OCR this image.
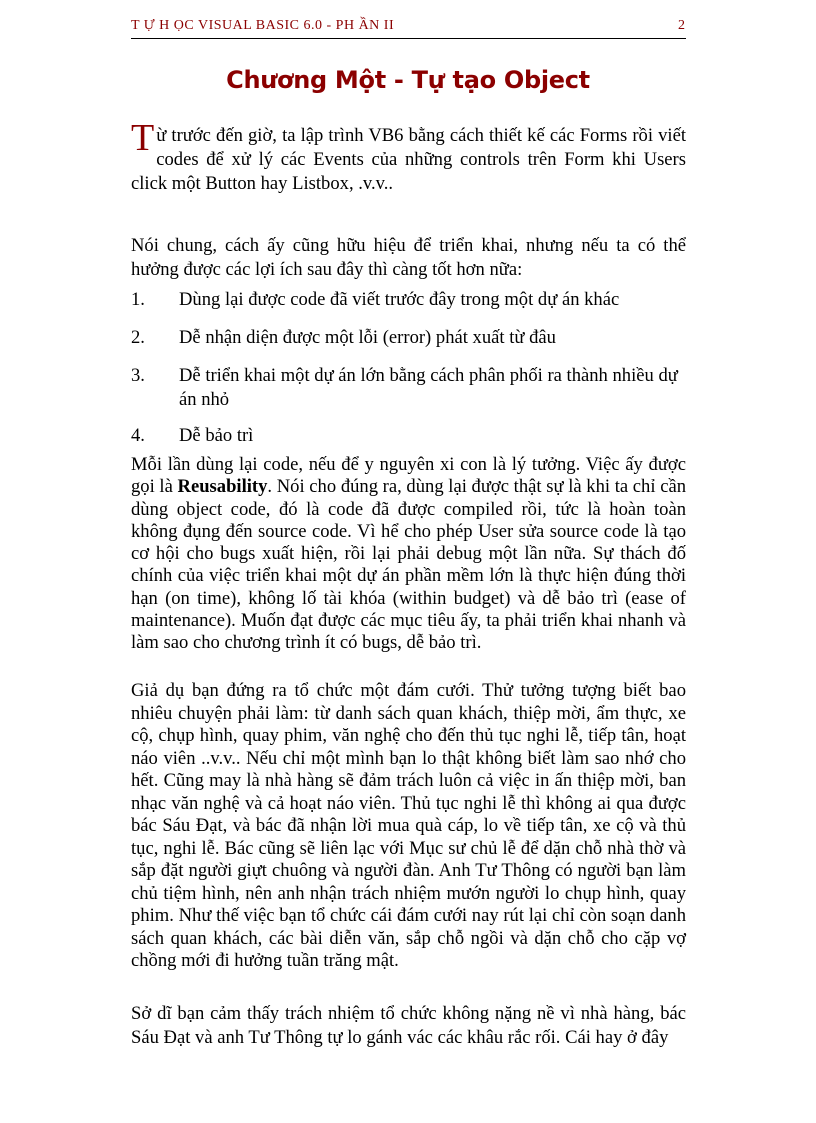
T Ự H ỌC VISUAL BASIC 6.0 - PH ẦN II	2
Chương Một - Tự tạo Object
Từ trước đến giờ, ta lập trình VB6 bằng cách thiết kế các Forms rồi viết codes để xử lý các Events của những controls trên Form khi Users click một Button hay Listbox, .v.v..
Nói chung, cách ấy cũng hữu hiệu để triển khai, nhưng nếu ta có thể hưởng được các lợi ích sau đây thì càng tốt hơn nữa:
1. Dùng lại được code đã viết trước đây trong một dự án khác
2. Dễ nhận diện được một lỗi (error) phát xuất từ đâu
3. Dễ triển khai một dự án lớn bằng cách phân phối ra thành nhiều dự án nhỏ
4. Dễ bảo trì
Mỗi lần dùng lại code, nếu để y nguyên xi con là lý tưởng. Việc ấy được gọi là Reusability. Nói cho đúng ra, dùng lại được thật sự là khi ta chỉ cần dùng object code, đó là code đã được compiled rồi, tức là hoàn toàn không đụng đến source code. Vì hể cho phép User sửa source code là tạo cơ hội cho bugs xuất hiện, rồi lại phải debug một lần nữa. Sự thách đố chính của việc triển khai một dự án phần mềm lớn là thực hiện đúng thời hạn (on time), không lố tài khóa (within budget) và dễ bảo trì (ease of maintenance). Muốn đạt được các mục tiêu ấy, ta phải triển khai nhanh và làm sao cho chương trình ít có bugs, dễ bảo trì.
Giả dụ bạn đứng ra tổ chức một đám cưới. Thử tưởng tượng biết bao nhiêu chuyện phải làm: từ danh sách quan khách, thiệp mời, ẩm thực, xe cộ, chụp hình, quay phim, văn nghệ cho đến thủ tục nghi lễ, tiếp tân, hoạt náo viên ..v.v.. Nếu chỉ một mình bạn lo thật không biết làm sao nhớ cho hết. Cũng may là nhà hàng sẽ đảm trách luôn cả việc in ấn thiệp mời, ban nhạc văn nghệ và cả hoạt náo viên. Thủ tục nghi lễ thì không ai qua được bác Sáu Đạt, và bác đã nhận lời mua quà cáp, lo về tiếp tân, xe cộ và thủ tục, nghi lễ. Bác cũng sẽ liên lạc với Mục sư chủ lễ để dặn chỗ nhà thờ và sắp đặt người giựt chuông và người đàn. Anh Tư Thông có người bạn làm chủ tiệm hình, nên anh nhận trách nhiệm mướn người lo chụp hình, quay phim. Như thế việc bạn tổ chức cái đám cưới nay rút lại chỉ còn soạn danh sách quan khách, các bài diễn văn, sắp chỗ ngồi và dặn chỗ cho cặp vợ chồng mới đi hưởng tuần trăng mật.
Sở dĩ bạn cảm thấy trách nhiệm tổ chức không nặng nề vì nhà hàng, bác Sáu Đạt và anh Tư Thông tự lo gánh vác các khâu rắc rối. Cái hay ở đây
